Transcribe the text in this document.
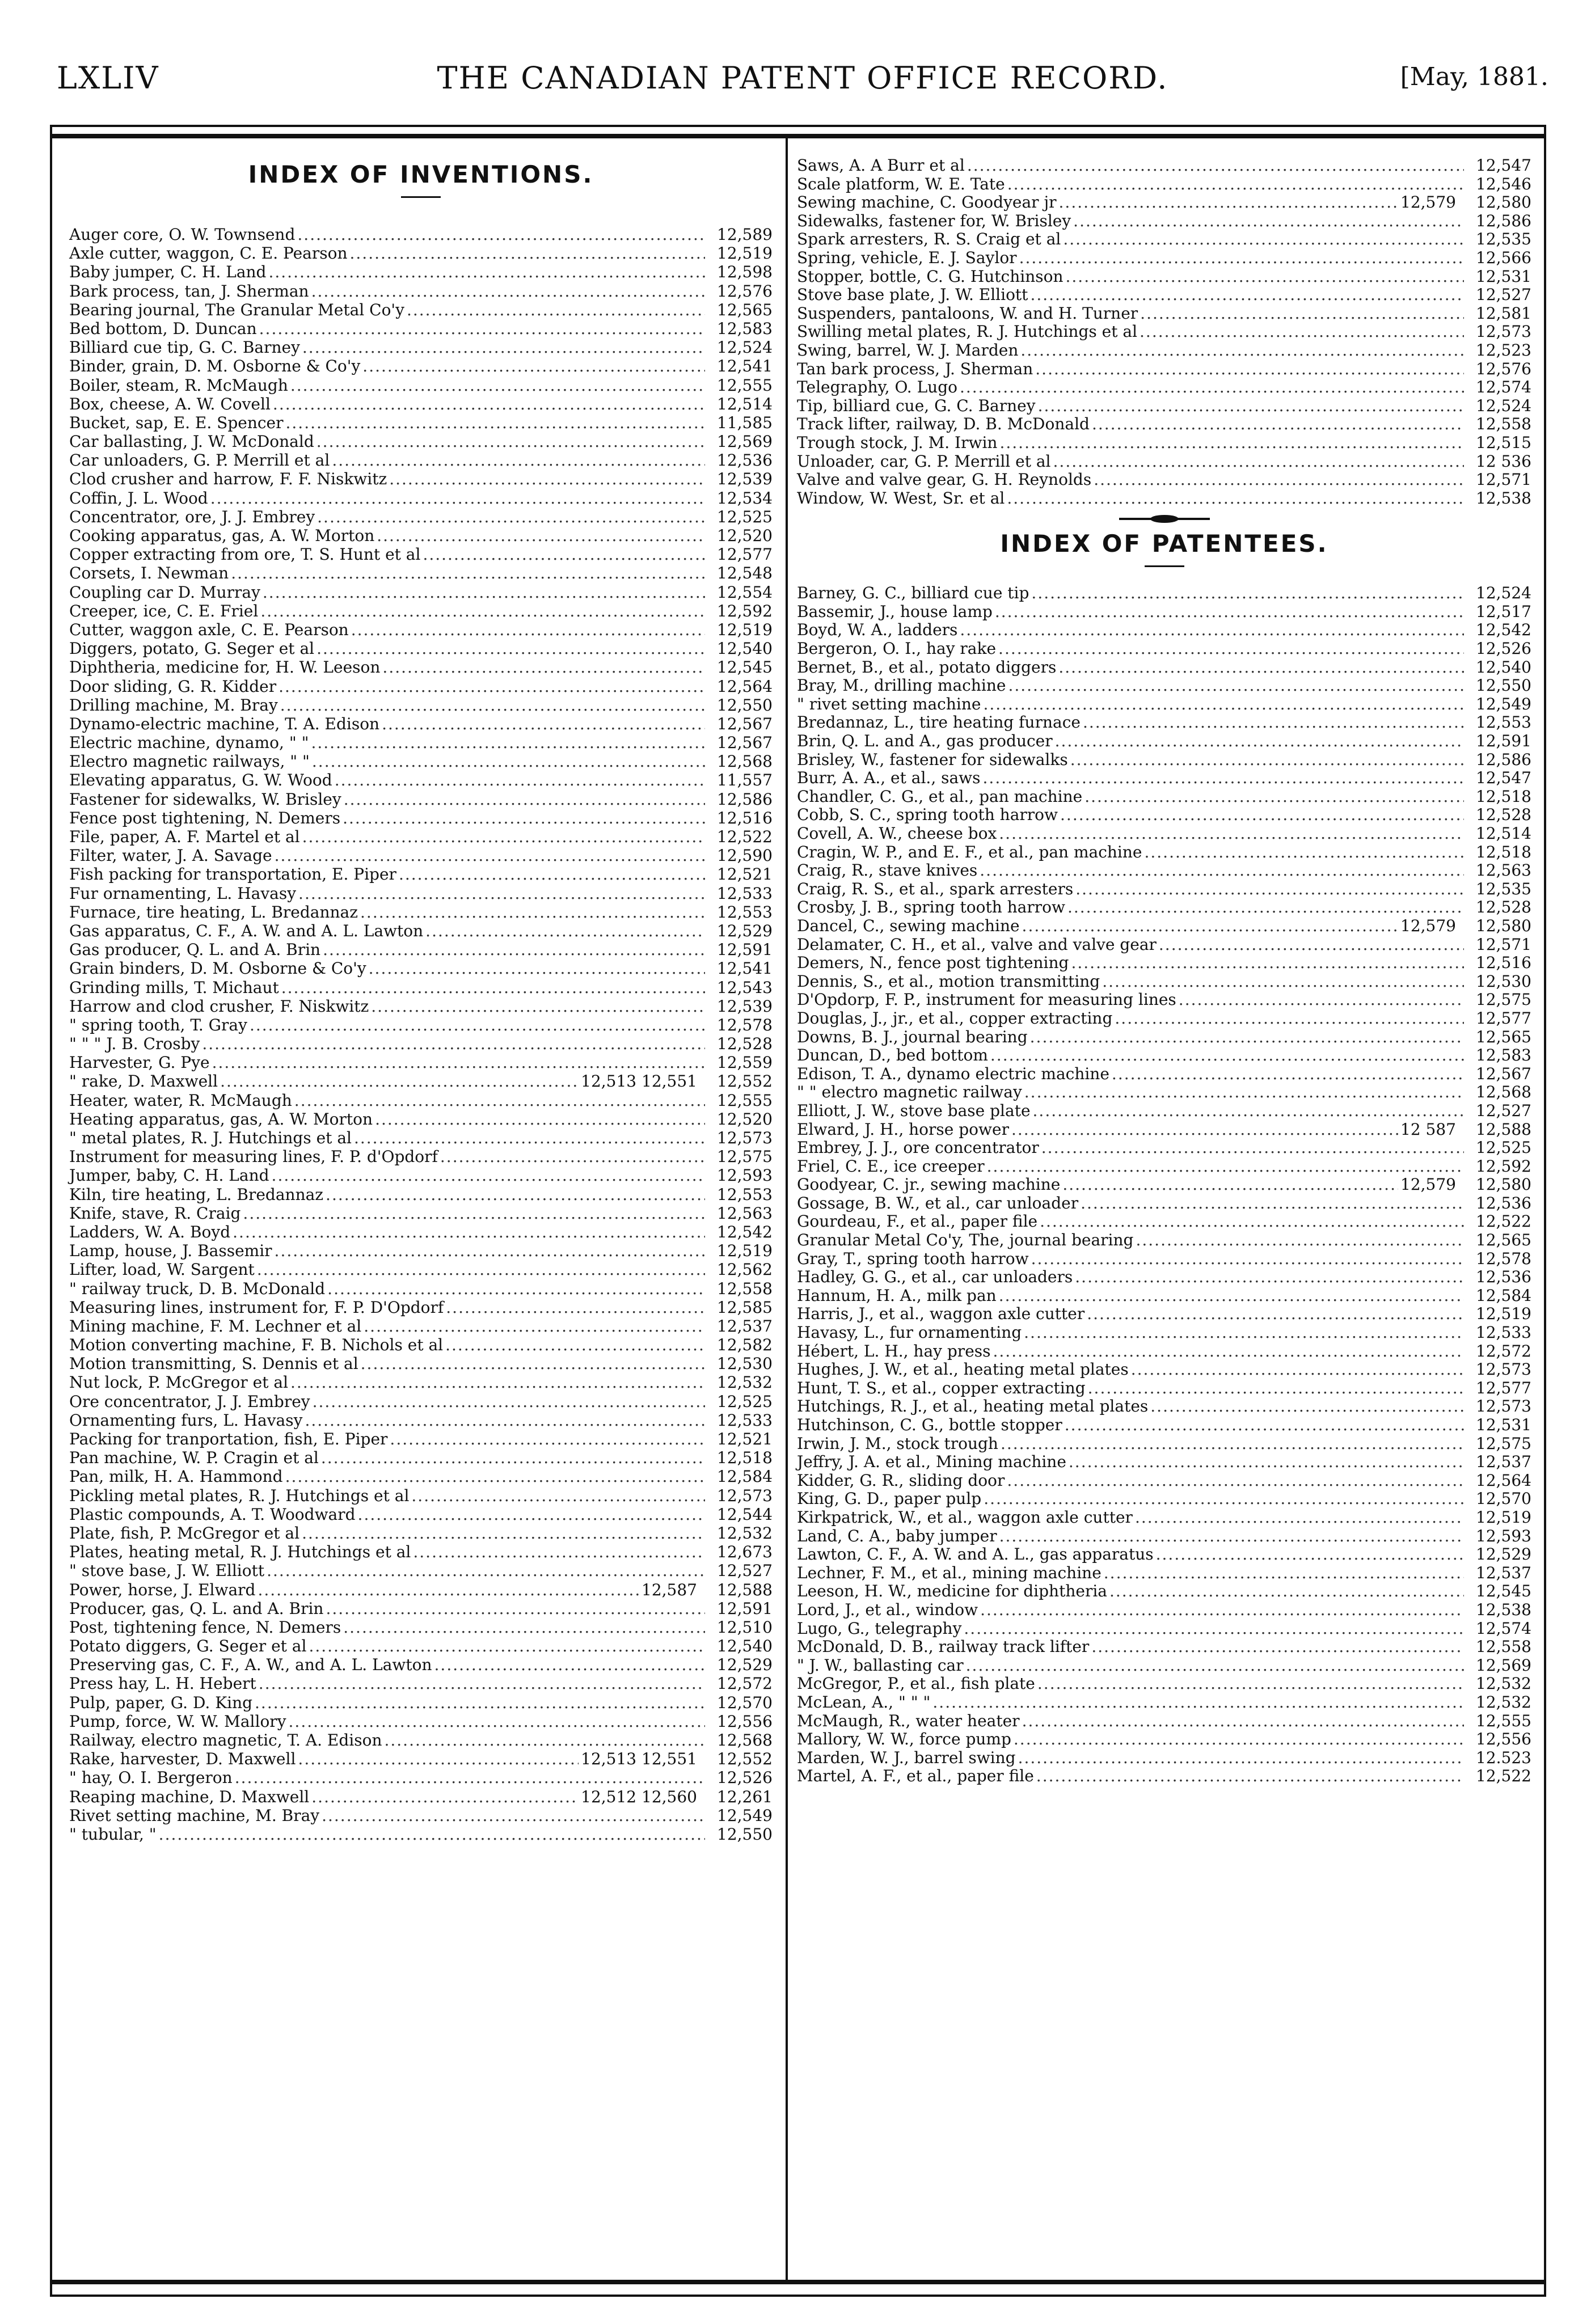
LXLIV	THE CANADIAN PATENT OFFICE RECORD.	[May, 1881.
INDEX OF INVENTIONS.
Auger core, O. W. Townsend .....	12,589
Axle cutter, waggon, C. E. Pearson .....	12,519
Baby jumper, C. H. Land .....	12,598
Bark process, tan, J. Sherman .....	12,576
Bearing journal, The Granular Metal Co'y .....	12,565
Bed bottom, D. Duncan .....	12,583
Billiard cue tip, G. C. Barney .....	12,524
Binder, grain, D. M. Osborne & Co'y .....	12,541
Boiler, steam, R. McMaugh .....	12,555
Box, cheese, A. W. Covell .....	12,514
Bucket, sap, E. E. Spencer .....	11,585
Car ballasting, J. W. McDonald .....	12,569
Car unloaders, G. P. Merrill et al .....	12,536
Clod crusher and harrow, F. F. Niskwitz .....	12,539
Coffin, J. L. Wood .....	12,534
Concentrator, ore, J. J. Embrey .....	12,525
Cooking apparatus, gas, A. W. Morton .....	12,520
Copper extracting from ore, T. S. Hunt et al .....	12,577
Corsets, I. Newman .....	12,548
Coupling car D. Murray .....	12,554
Creeper, ice, C. E. Friel .....	12,592
Cutter, waggon axle, C. E. Pearson .....	12,519
Diggers, potato, G. Seger et al .....	12,540
Diphtheria, medicine for, H. W. Leeson .....	12,545
Door sliding, G. R. Kidder .....	12,564
Drilling machine, M. Bray .....	12,550
Dynamo-electric machine, T. A. Edison .....	12,567
Electric machine, dynamo, " " .....	12,567
Electro magnetic railways, " " .....	12,568
Elevating apparatus, G. W. Wood .....	11,557
Fastener for sidewalks, W. Brisley .....	12,586
Fence post tightening, N. Demers .....	12,516
File, paper, A. F. Martel et al .....	12,522
Filter, water, J. A. Savage .....	12,590
Fish packing for transportation, E. Piper .....	12,521
Fur ornamenting, L. Havasy .....	12,533
Furnace, tire heating, L. Bredannaz .....	12,553
Gas apparatus, C. F., A. W. and A. L. Lawton .....	12,529
Gas producer, Q. L. and A. Brin .....	12,591
Grain binders, D. M. Osborne & Co'y .....	12,541
Grinding mills, T. Michaut .....	12,543
Harrow and clod crusher, F. Niskwitz .....	12,539
" spring tooth, T. Gray .....	12,578
" " " J. B. Crosby .....	12,528
Harvester, G. Pye .....	12,559
" rake, D. Maxwell .....	12,513 12,551	12,552
Heater, water, R. McMaugh .....	12,555
Heating apparatus, gas, A. W. Morton .....	12,520
" metal plates, R. J. Hutchings et al .....	12,573
Instrument for measuring lines, F. P. d'Opdorf .....	12,575
Jumper, baby, C. H. Land .....	12,593
Kiln, tire heating, L. Bredannaz .....	12,553
Knife, stave, R. Craig .....	12,563
Ladders, W. A. Boyd .....	12,542
Lamp, house, J. Bassemir .....	12,519
Lifter, load, W. Sargent .....	12,562
" railway truck, D. B. McDonald .....	12,558
Measuring lines, instrument for, F. P. D'Opdorf .....	12,585
Mining machine, F. M. Lechner et al .....	12,537
Motion converting machine, F. B. Nichols et al .....	12,582
Motion transmitting, S. Dennis et al .....	12,530
Nut lock, P. McGregor et al .....	12,532
Ore concentrator, J. J. Embrey .....	12,525
Ornamenting furs, L. Havasy .....	12,533
Packing for tranportation, fish, E. Piper .....	12,521
Pan machine, W. P. Cragin et al .....	12,518
Pan, milk, H. A. Hammond .....	12,584
Pickling metal plates, R. J. Hutchings et al .....	12,573
Plastic compounds, A. T. Woodward .....	12,544
Plate, fish, P. McGregor et al .....	12,532
Plates, heating metal, R. J. Hutchings et al .....	12,673
" stove base, J. W. Elliott .....	12,527
Power, horse, J. Elward .....	12,587	12,588
Producer, gas, Q. L. and A. Brin .....	12,591
Post, tightening fence, N. Demers .....	12,510
Potato diggers, G. Seger et al .....	12,540
Preserving gas, C. F., A. W., and A. L. Lawton .....	12,529
Press hay, L. H. Hebert .....	12,572
Pulp, paper, G. D. King .....	12,570
Pump, force, W. W. Mallory .....	12,556
Railway, electro magnetic, T. A. Edison .....	12,568
Rake, harvester, D. Maxwell .....	12,513 12,551	12,552
" hay, O. I. Bergeron .....	12,526
Reaping machine, D. Maxwell .....	12,512 12,560	12,261
Rivet setting machine, M. Bray .....	12,549
" tubular, " .....	12,550
Saws, A. A Burr et al .....	12,547
Scale platform, W. E. Tate .....	12,546
Sewing machine, C. Goodyear jr .....	12,579	12,580
Sidewalks, fastener for, W. Brisley .....	12,586
Spark arresters, R. S. Craig et al .....	12,535
Spring, vehicle, E. J. Saylor .....	12,566
Stopper, bottle, C. G. Hutchinson .....	12,531
Stove base plate, J. W. Elliott .....	12,527
Suspenders, pantaloons, W. and H. Turner .....	12,581
Swilling metal plates, R. J. Hutchings et al .....	12,573
Swing, barrel, W. J. Marden .....	12,523
Tan bark process, J. Sherman .....	12,576
Telegraphy, O. Lugo .....	12,574
Tip, billiard cue, G. C. Barney .....	12,524
Track lifter, railway, D. B. McDonald .....	12,558
Trough stock, J. M. Irwin .....	12,515
Unloader, car, G. P. Merrill et al .....	12 536
Valve and valve gear, G. H. Reynolds .....	12,571
Window, W. West, Sr. et al .....	12,538
INDEX OF PATENTEES.
Barney, G. C., billiard cue tip .....	12,524
Bassemir, J., house lamp .....	12,517
Boyd, W. A., ladders .....	12,542
Bergeron, O. I., hay rake .....	12,526
Bernet, B., et al., potato diggers .....	12,540
Bray, M., drilling machine .....	12,550
" rivet setting machine .....	12,549
Bredannaz, L., tire heating furnace .....	12,553
Brin, Q. L. and A., gas producer .....	12,591
Brisley, W., fastener for sidewalks .....	12,586
Burr, A. A., et al., saws .....	12,547
Chandler, C. G., et al., pan machine .....	12,518
Cobb, S. C., spring tooth harrow .....	12,528
Covell, A. W., cheese box .....	12,514
Cragin, W. P., and E. F., et al., pan machine .....	12,518
Craig, R., stave knives .....	12,563
Craig, R. S., et al., spark arresters .....	12,535
Crosby, J. B., spring tooth harrow .....	12,528
Dancel, C., sewing machine .....	12,579	12,580
Delamater, C. H., et al., valve and valve gear .....	12,571
Demers, N., fence post tightening .....	12,516
Dennis, S., et al., motion transmitting .....	12,530
D'Opdorp, F. P., instrument for measuring lines .....	12,575
Douglas, J., jr., et al., copper extracting .....	12,577
Downs, B. J., journal bearing .....	12,565
Duncan, D., bed bottom .....	12,583
Edison, T. A., dynamo electric machine .....	12,567
" " electro magnetic railway .....	12,568
Elliott, J. W., stove base plate .....	12,527
Elward, J. H., horse power .....	12 587	12,588
Embrey, J. J., ore concentrator .....	12,525
Friel, C. E., ice creeper .....	12,592
Goodyear, C. jr., sewing machine .....	12,579	12,580
Gossage, B. W., et al., car unloader .....	12,536
Gourdeau, F., et al., paper file .....	12,522
Granular Metal Co'y, The, journal bearing .....	12,565
Gray, T., spring tooth harrow .....	12,578
Hadley, G. G., et al., car unloaders .....	12,536
Hannum, H. A., milk pan .....	12,584
Harris, J., et al., waggon axle cutter .....	12,519
Havasy, L., fur ornamenting .....	12,533
Hébert, L. H., hay press .....	12,572
Hughes, J. W., et al., heating metal plates .....	12,573
Hunt, T. S., et al., copper extracting .....	12,577
Hutchings, R. J., et al., heating metal plates .....	12,573
Hutchinson, C. G., bottle stopper .....	12,531
Irwin, J. M., stock trough .....	12,575
Jeffry, J. A. et al., Mining machine .....	12,537
Kidder, G. R., sliding door .....	12,564
King, G. D., paper pulp .....	12,570
Kirkpatrick, W., et al., waggon axle cutter .....	12,519
Land, C. A., baby jumper .....	12,593
Lawton, C. F., A. W. and A. L., gas apparatus .....	12,529
Lechner, F. M., et al., mining machine .....	12,537
Leeson, H. W., medicine for diphtheria .....	12,545
Lord, J., et al., window .....	12,538
Lugo, G., telegraphy .....	12,574
McDonald, D. B., railway track lifter .....	12,558
" J. W., ballasting car .....	12,569
McGregor, P., et al., fish plate .....	12,532
McLean, A., " " " .....	12,532
McMaugh, R., water heater .....	12,555
Mallory, W. W., force pump .....	12,556
Marden, W. J., barrel swing .....	12.523
Martel, A. F., et al., paper file .....	12,522
